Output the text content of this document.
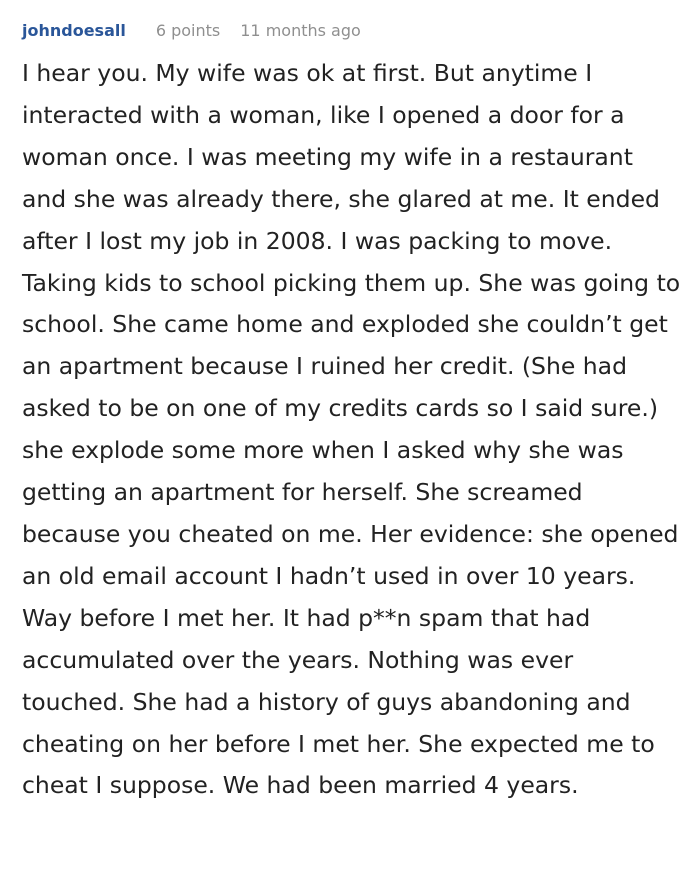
johndoesall 6 points 11 months ago

I hear you. My wife was ok at first. But anytime I interacted with a woman, like I opened a door for a woman once. I was meeting my wife in a restaurant and she was already there, she glared at me. It ended after I lost my job in 2008. I was packing to move. Taking kids to school picking them up. She was going to school. She came home and exploded she couldn’t get an apartment because I ruined her credit. (She had asked to be on one of my credits cards so I said sure.) she explode some more when I asked why she was getting an apartment for herself. She screamed because you cheated on me. Her evidence: she opened an old email account I hadn’t used in over 10 years. Way before I met her. It had p**n spam that had accumulated over the years. Nothing was ever touched. She had a history of guys abandoning and cheating on her before I met her. She expected me to cheat I suppose. We had been married 4 years.
